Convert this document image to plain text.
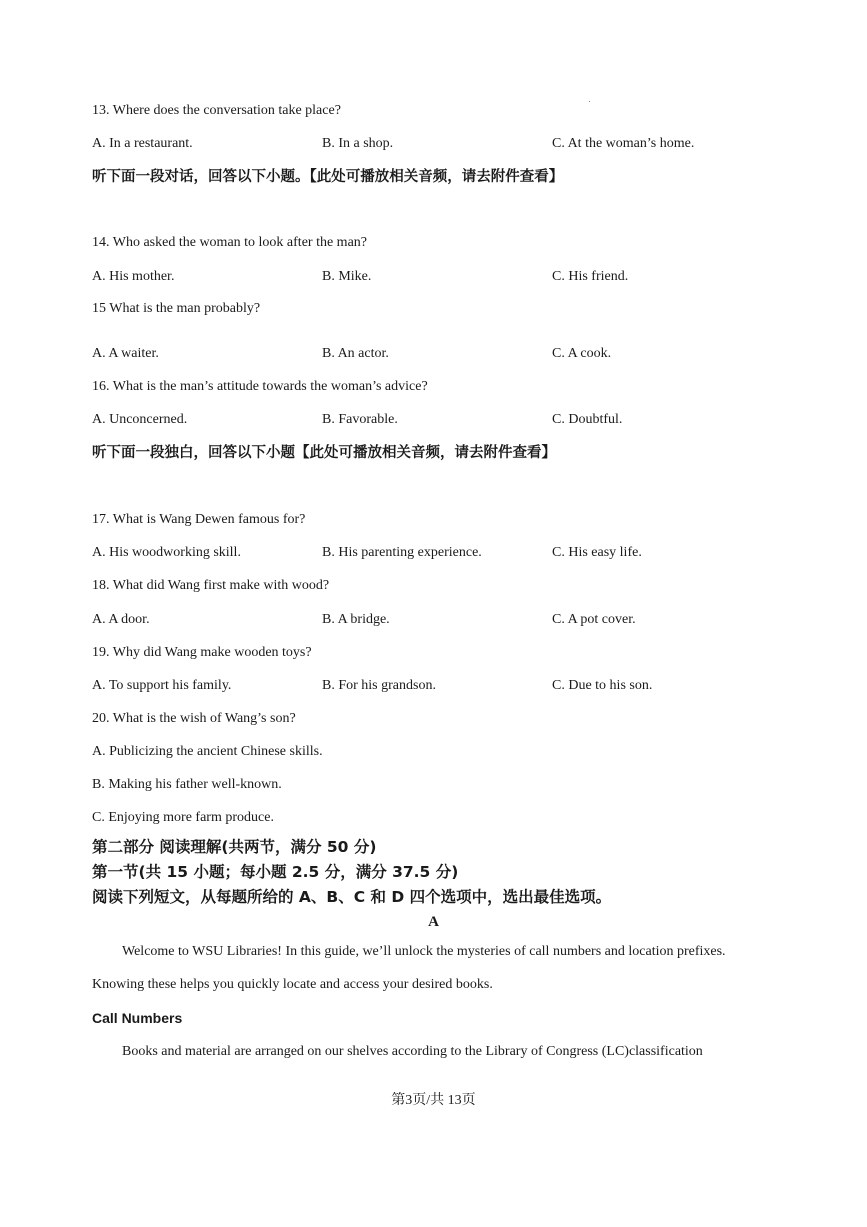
13. Where does the conversation take place?
A. In a restaurant.	B. In a shop.	C. At the woman’s home.
听下面一段对话，回答以下小题。【此处可播放相关音频，请去附件查看】
14. Who asked the woman to look after the man?
A. His mother.	B. Mike.	C. His friend.
15 What is the man probably?
A. A waiter.	B. An actor.	C. A cook.
16. What is the man’s attitude towards the woman’s advice?
A. Unconcerned.	B. Favorable.	C. Doubtful.
听下面一段独白，回答以下小题【此处可播放相关音频，请去附件查看】
17. What is Wang Dewen famous for?
A. His woodworking skill.	B. His parenting experience.	C. His easy life.
18. What did Wang first make with wood?
A. A door.	B. A bridge.	C. A pot cover.
19. Why did Wang make wooden toys?
A. To support his family.	B. For his grandson.	C. Due to his son.
20. What is the wish of Wang’s son?
A. Publicizing the ancient Chinese skills.
B. Making his father well-known.
C. Enjoying more farm produce.
第二部分 阅读理解(共两节，满分 50 分)
第一节(共 15 小题；每小题 2.5 分，满分 37.5 分)
阅读下列短文，从每题所给的 A、B、C 和 D 四个选项中，选出最佳选项。
A
Welcome to WSU Libraries! In this guide, we’ll unlock the mysteries of call numbers and location prefixes.
Knowing these helps you quickly locate and access your desired books.
Call Numbers
Books and material are arranged on our shelves according to the Library of Congress (LC)classification
第3页/共 13页
